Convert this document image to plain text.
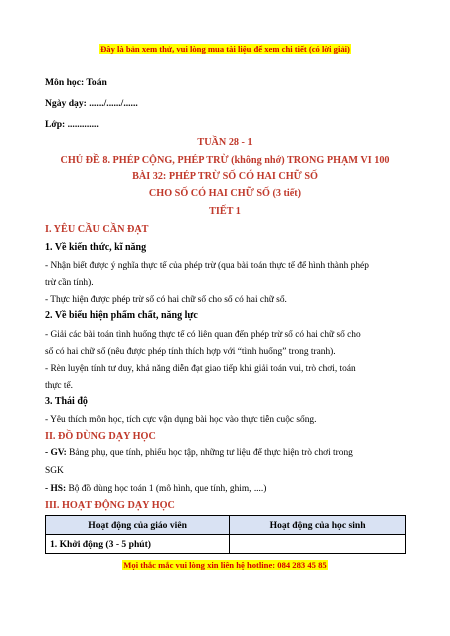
Đây là bản xem thử, vui lòng mua tài liệu để xem chi tiết (có lời giải)
Môn học: Toán
Ngày dạy: ....../....../......
Lớp: .............
TUẦN 28 - 1
CHỦ ĐỀ 8. PHÉP CỘNG, PHÉP TRỪ (không nhớ) TRONG PHẠM VI 100
BÀI 32: PHÉP TRỪ SỐ CÓ HAI CHỮ SỐ
CHO SỐ CÓ HAI CHỮ SỐ (3 tiết)
TIẾT 1
I. YÊU CẦU CẦN ĐẠT
1. Về kiến thức, kĩ năng
- Nhận biết được ý nghĩa thực tế của phép trừ (qua bài toán thực tế để hình thành phép
trừ cần tính).
- Thực hiện được phép trừ số có hai chữ số cho số có hai chữ số.
2. Về biểu hiện phẩm chất, năng lực
- Giải các bài toán tình huống thực tế có liên quan đến phép trừ số có hai chữ số cho
số có hai chữ số (nêu được phép tính thích hợp với “tình huống” trong tranh).
- Rèn luyện tính tư duy, khả năng diễn đạt giao tiếp khi giải toán vui, trò chơi, toán
thực tế.
3. Thái độ
- Yêu thích môn học, tích cực vận dụng bài học vào thực tiễn cuộc sống.
II. ĐỒ DÙNG DẠY HỌC
- GV: Bảng phụ, que tính, phiếu học tập, những tư liệu để thực hiện trò chơi trong
SGK
- HS: Bộ đồ dùng học toán 1 (mô hình, que tính, ghim, ....)
III. HOẠT ĐỘNG DẠY HỌC
Hoạt động của giáo viên	Hoạt động của học sinh
1. Khởi động (3 - 5 phút)	
Mọi thắc mắc vui lòng xin liên hệ hotline: 084 283 45 85
